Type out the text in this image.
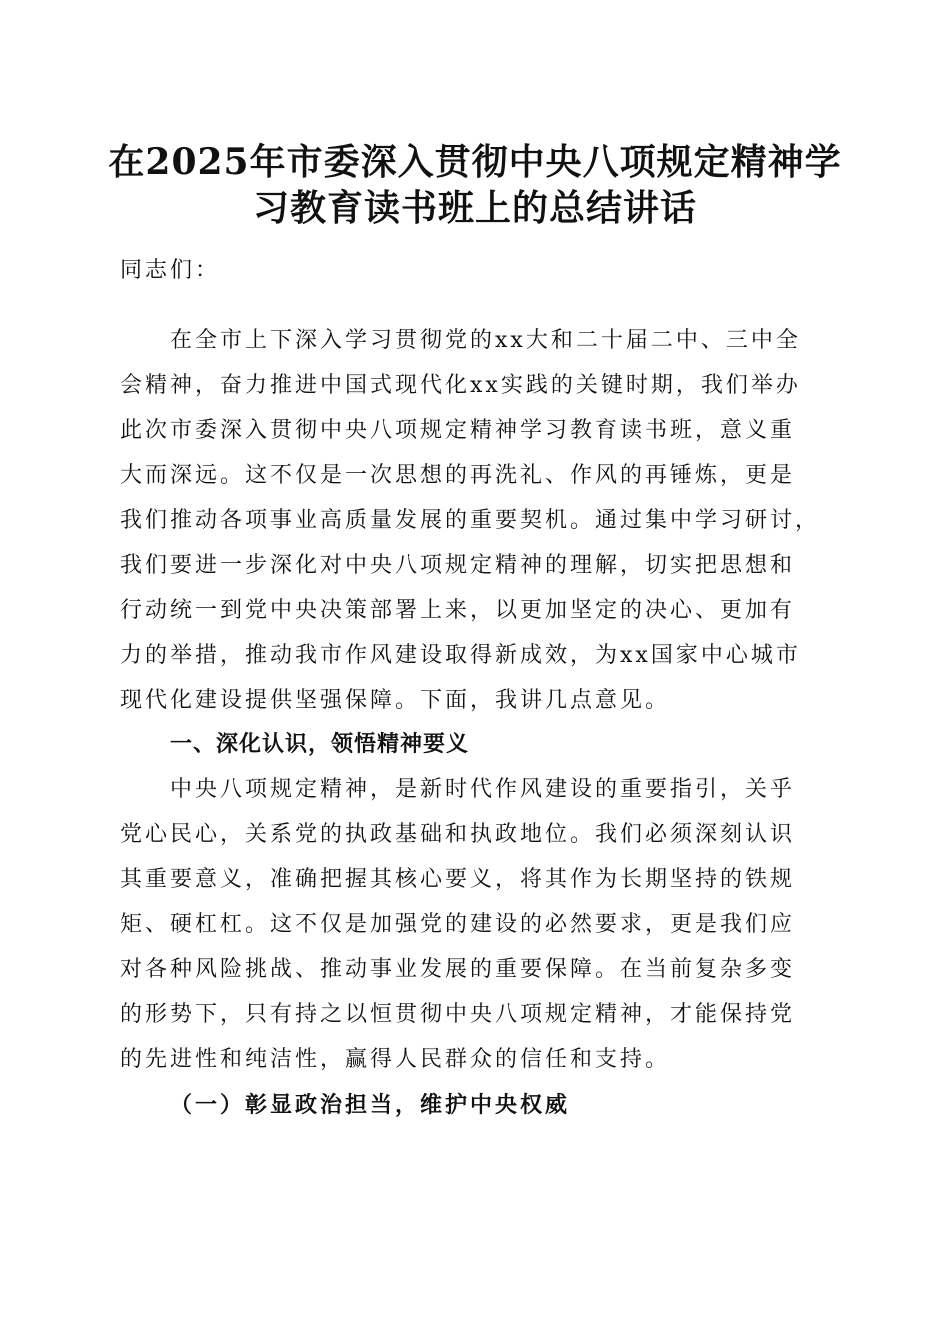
在2025年市委深入贯彻中央八项规定精神学
习教育读书班上的总结讲话
同志们：
在全市上下深入学习贯彻党的xx大和二十届二中、三中全
会精神，奋力推进中国式现代化xx实践的关键时期，我们举办
此次市委深入贯彻中央八项规定精神学习教育读书班，意义重
大而深远。这不仅是一次思想的再洗礼、作风的再锤炼，更是
我们推动各项事业高质量发展的重要契机。通过集中学习研讨，
我们要进一步深化对中央八项规定精神的理解，切实把思想和
行动统一到党中央决策部署上来，以更加坚定的决心、更加有
力的举措，推动我市作风建设取得新成效，为xx国家中心城市
现代化建设提供坚强保障。下面，我讲几点意见。
一、深化认识，领悟精神要义
中央八项规定精神，是新时代作风建设的重要指引，关乎
党心民心，关系党的执政基础和执政地位。我们必须深刻认识
其重要意义，准确把握其核心要义，将其作为长期坚持的铁规
矩、硬杠杠。这不仅是加强党的建设的必然要求，更是我们应
对各种风险挑战、推动事业发展的重要保障。在当前复杂多变
的形势下，只有持之以恒贯彻中央八项规定精神，才能保持党
的先进性和纯洁性，赢得人民群众的信任和支持。
（一）彰显政治担当，维护中央权威
